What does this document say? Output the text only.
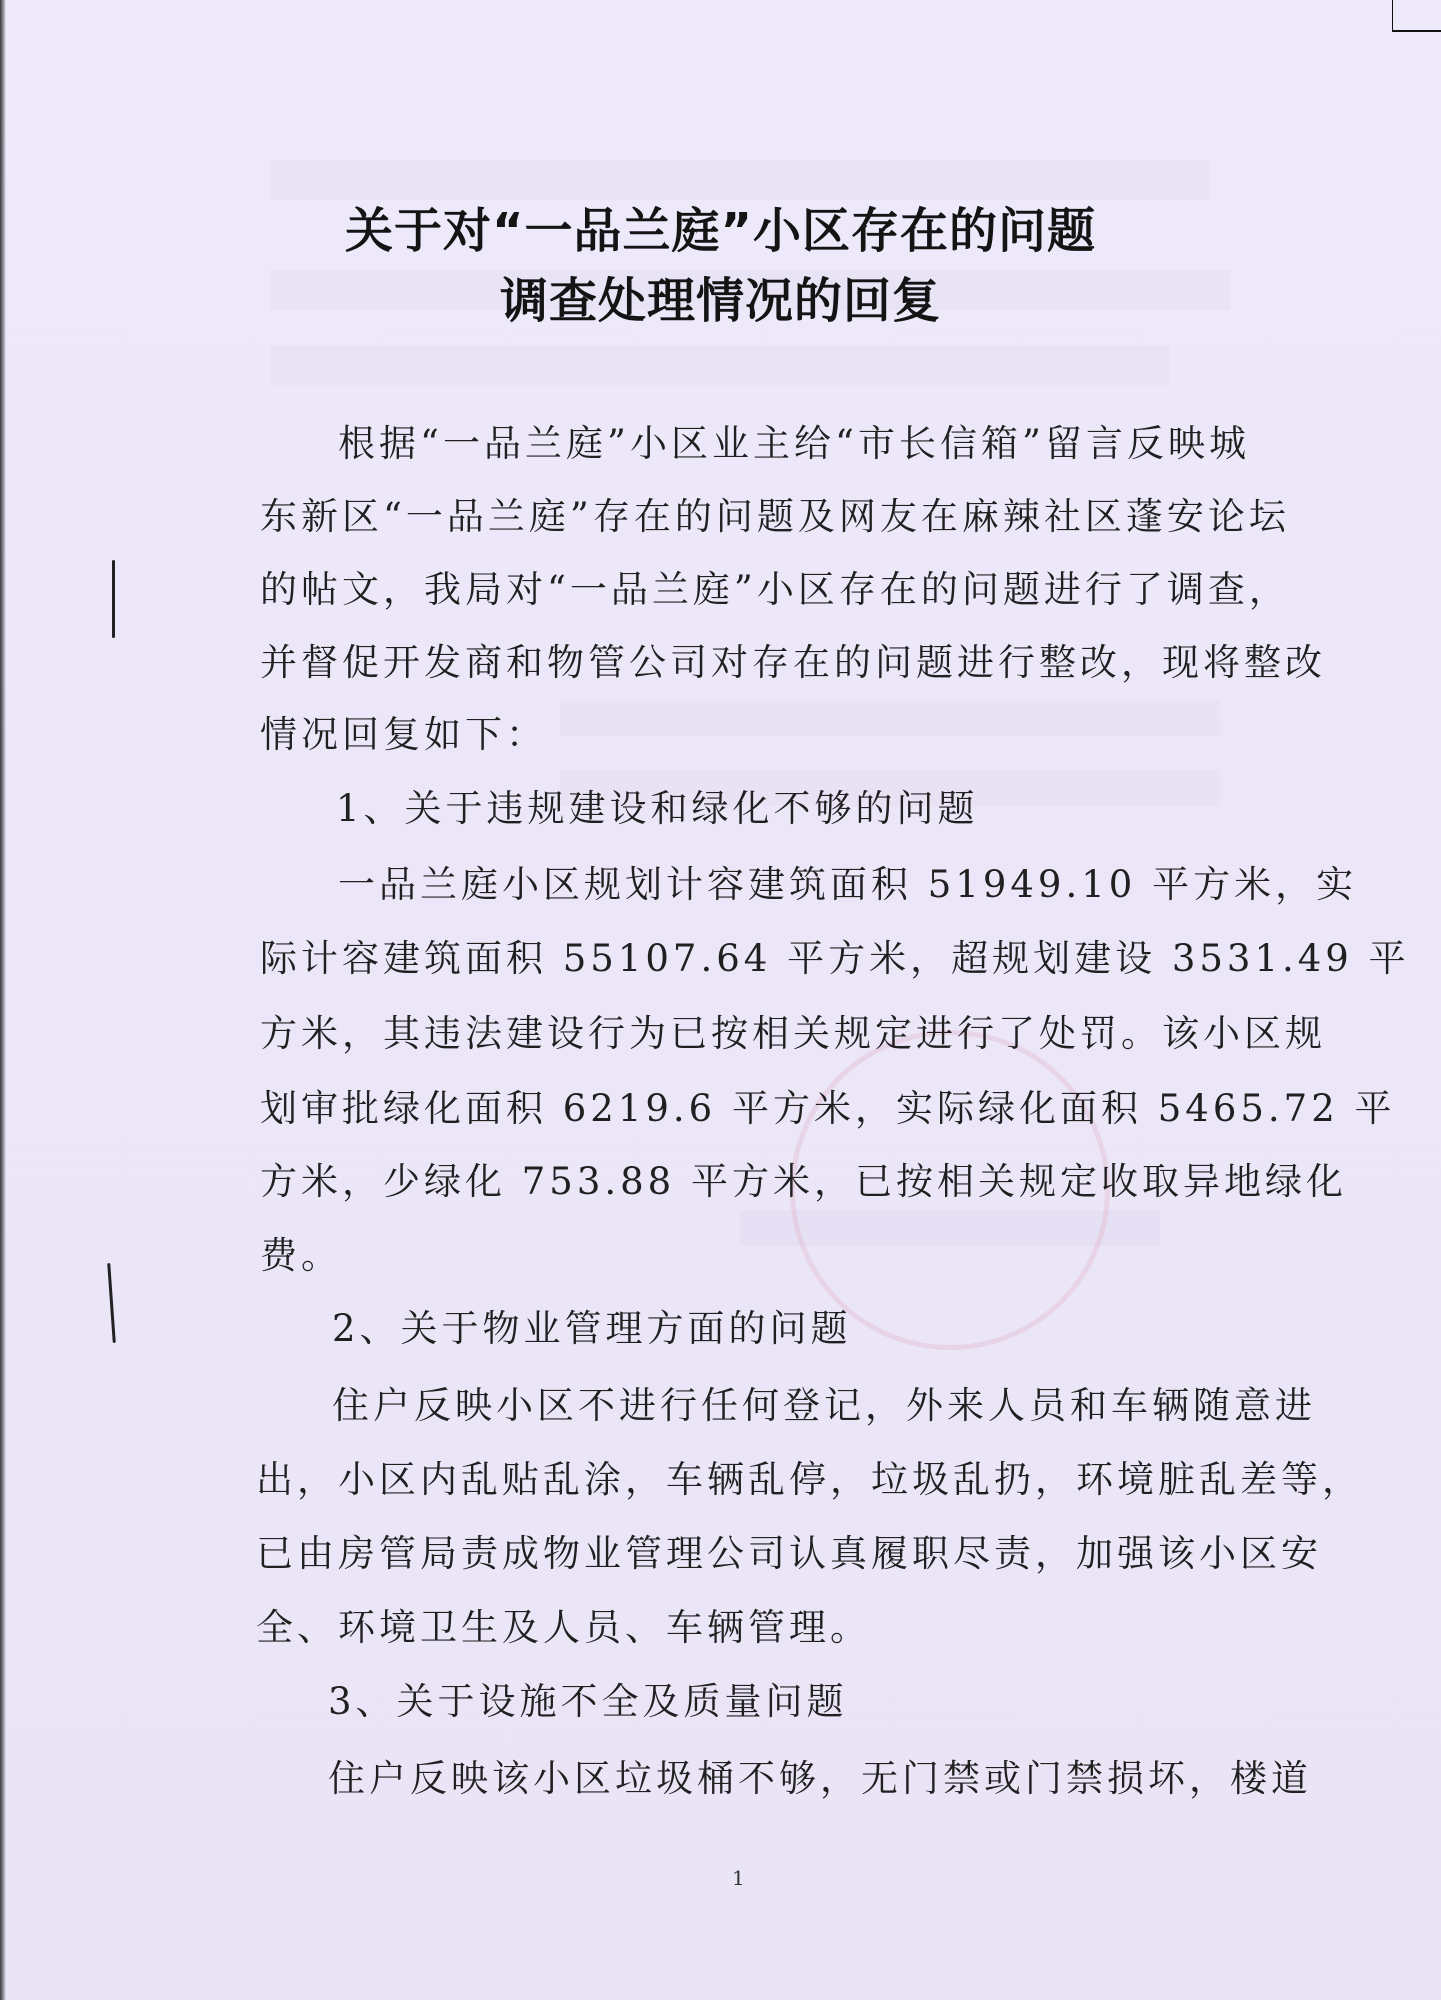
关于对“一品兰庭”小区存在的问题
调查处理情况的回复
根据“一品兰庭”小区业主给“市长信箱”留言反映城
东新区“一品兰庭”存在的问题及网友在麻辣社区蓬安论坛
的帖文，我局对“一品兰庭”小区存在的问题进行了调查，
并督促开发商和物管公司对存在的问题进行整改，现将整改
情况回复如下：
1、关于违规建设和绿化不够的问题
一品兰庭小区规划计容建筑面积 51949.10 平方米，实
际计容建筑面积 55107.64 平方米，超规划建设 3531.49 平
方米，其违法建设行为已按相关规定进行了处罚。该小区规
划审批绿化面积 6219.6 平方米，实际绿化面积 5465.72 平
方米，少绿化 753.88 平方米，已按相关规定收取异地绿化
费。
2、关于物业管理方面的问题
住户反映小区不进行任何登记，外来人员和车辆随意进
出，小区内乱贴乱涂，车辆乱停，垃圾乱扔，环境脏乱差等，
已由房管局责成物业管理公司认真履职尽责，加强该小区安
全、环境卫生及人员、车辆管理。
3、关于设施不全及质量问题
住户反映该小区垃圾桶不够，无门禁或门禁损坏，楼道
1
